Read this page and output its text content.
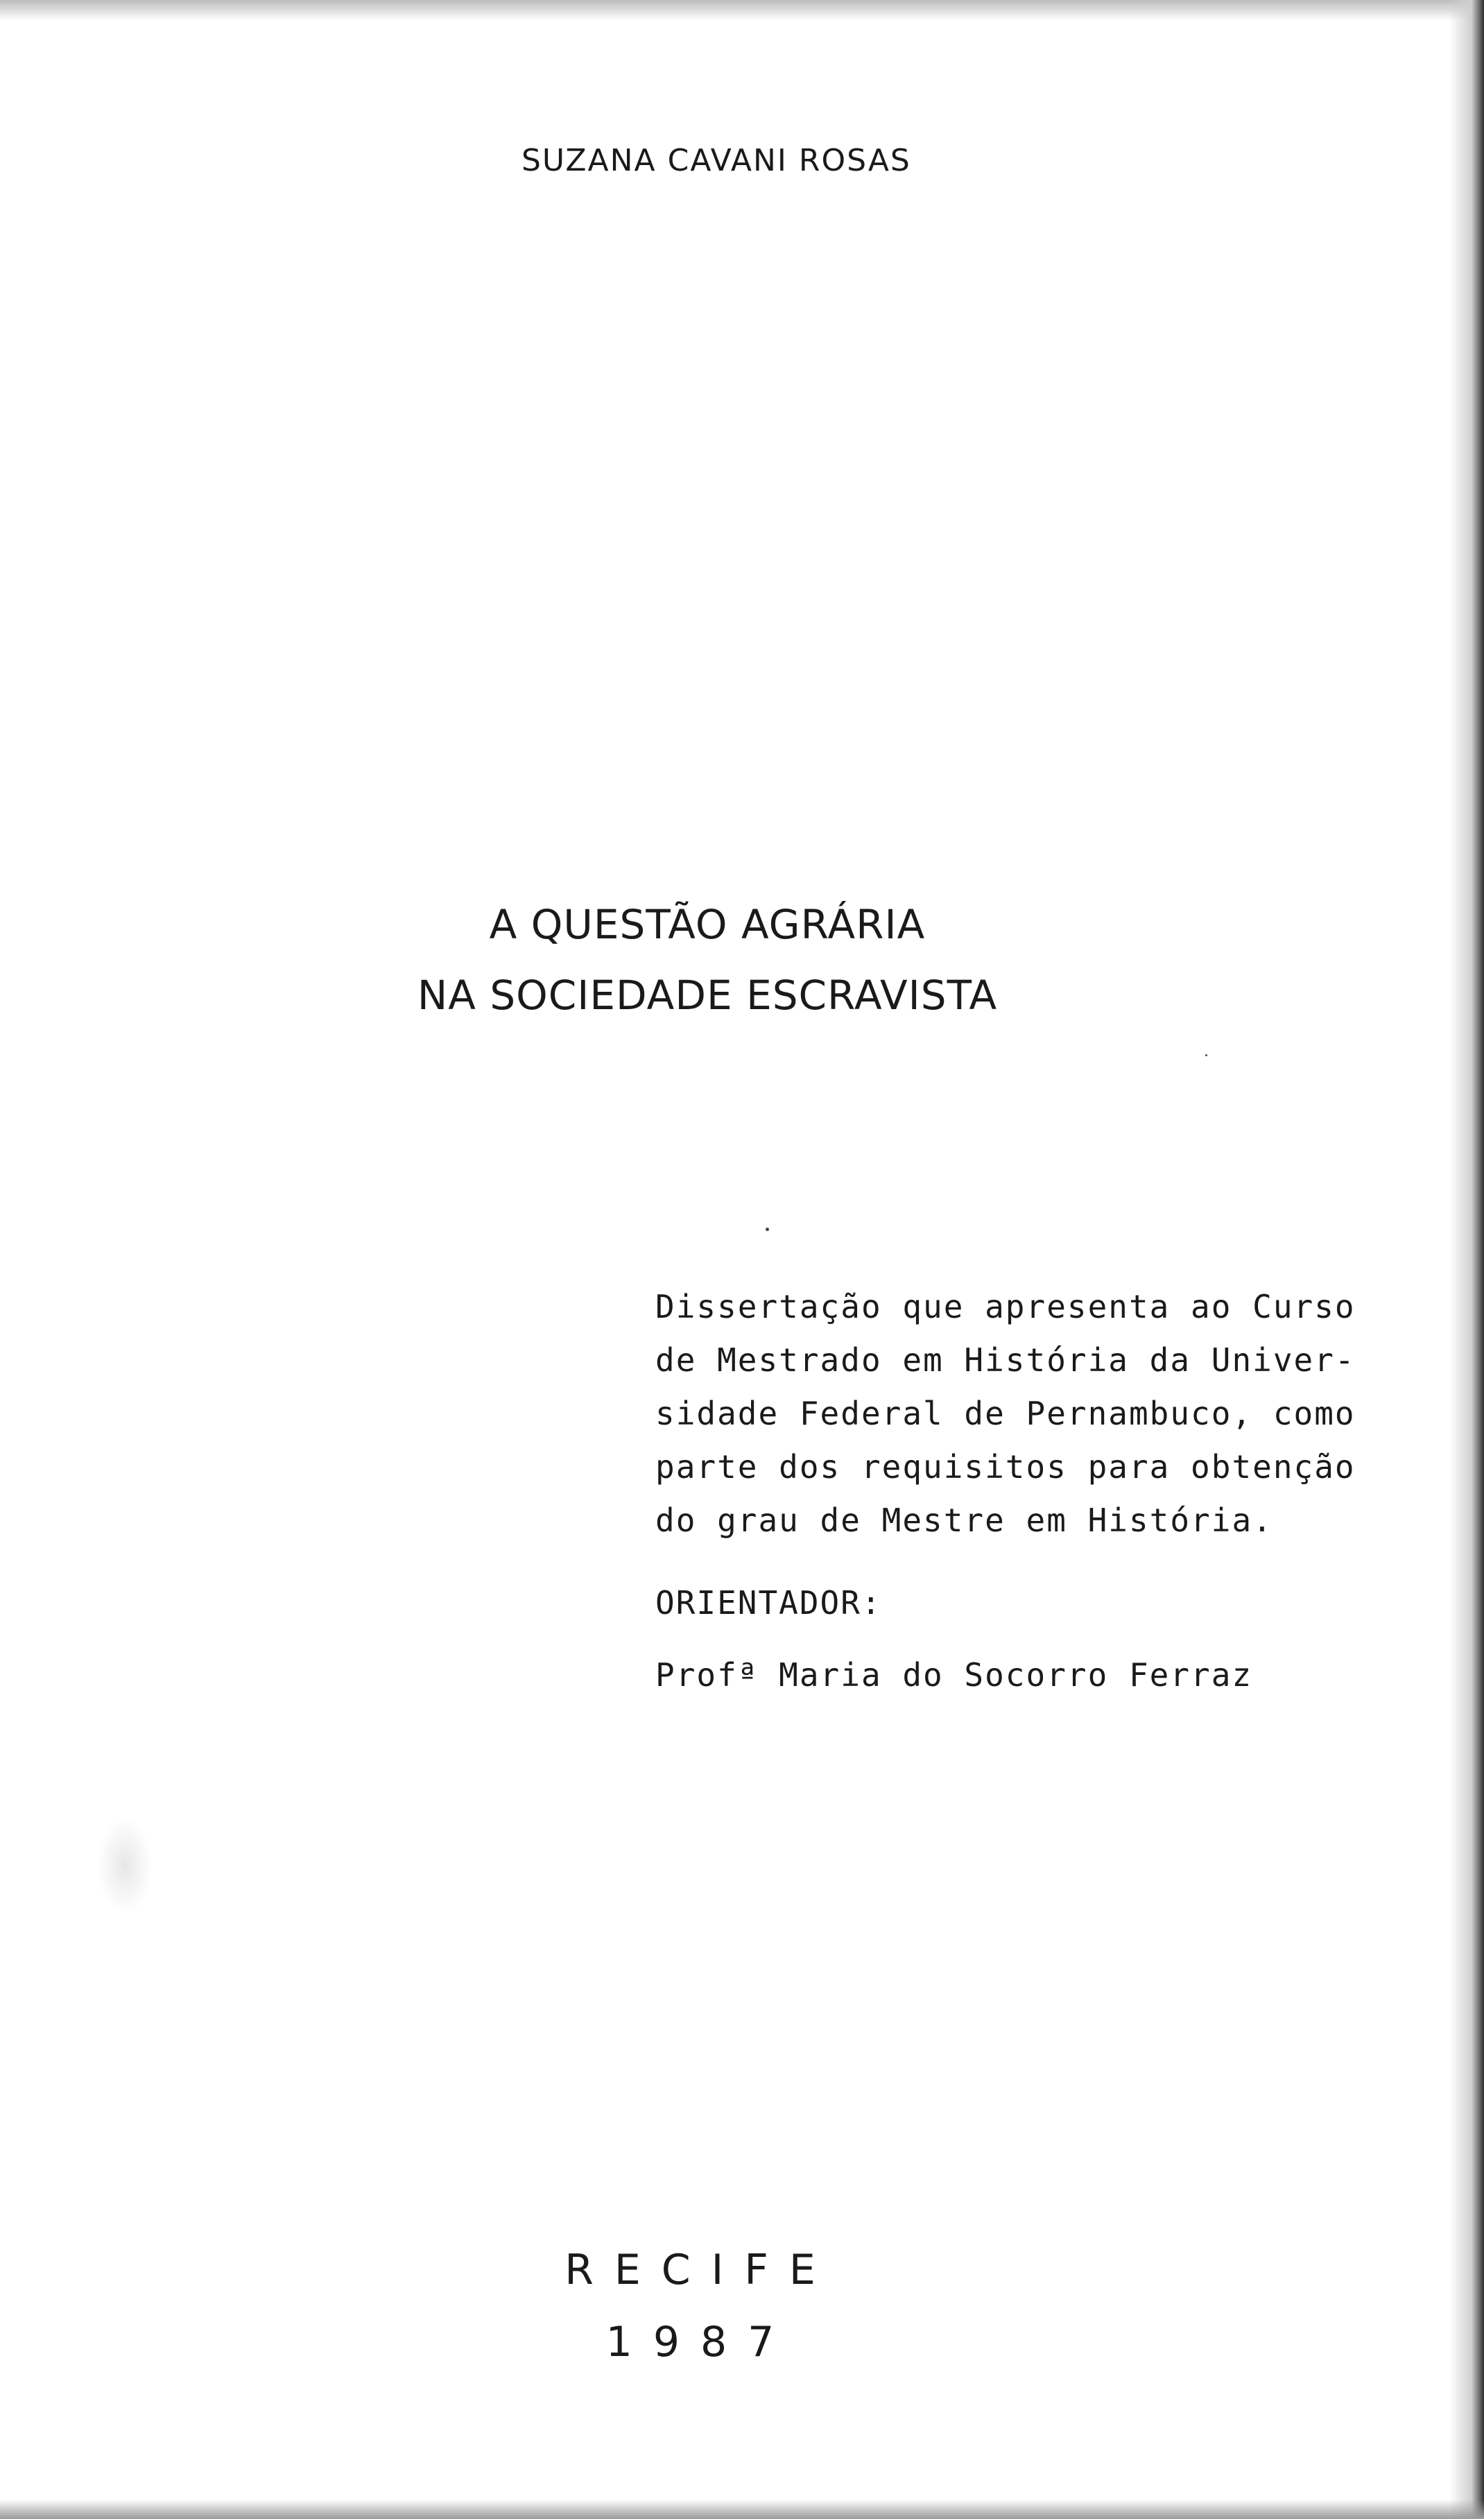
SUZANA CAVANI ROSAS
A QUESTÃO AGRÁRIA
NA SOCIEDADE ESCRAVISTA
Dissertação que apresenta ao Curso
de Mestrado em História da Univer-
sidade Federal de Pernambuco, como
parte dos requisitos para obtenção
do grau de Mestre em História.
ORIENTADOR:
Profª Maria do Socorro Ferraz
RECIFE
1987
